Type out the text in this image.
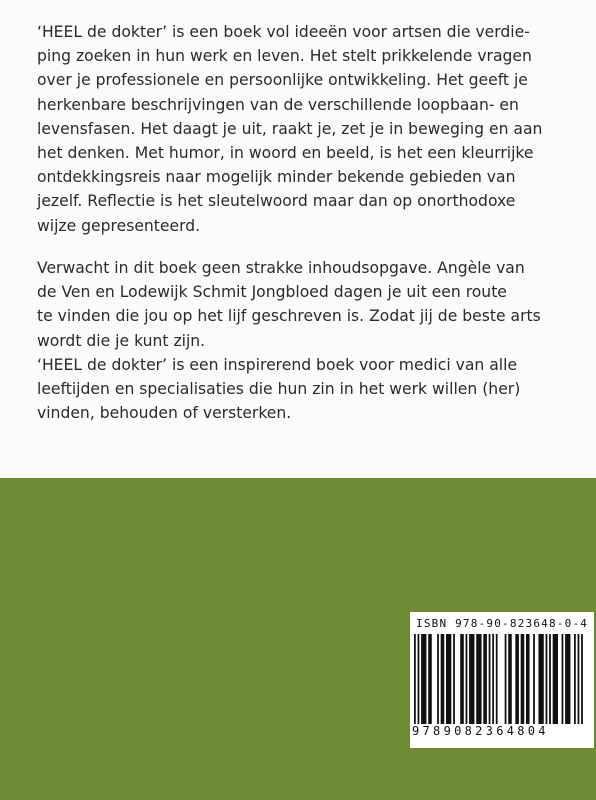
‘HEEL de dokter’ is een boek vol ideeën voor artsen die verdie-
ping zoeken in hun werk en leven. Het stelt prikkelende vragen
over je professionele en persoonlijke ontwikkeling. Het geeft je
herkenbare beschrijvingen van de verschillende loopbaan- en
levensfasen. Het daagt je uit, raakt je, zet je in beweging en aan
het denken. Met humor, in woord en beeld, is het een kleurrijke
ontdekkingsreis naar mogelijk minder bekende gebieden van
jezelf. Reflectie is het sleutelwoord maar dan op onorthodoxe
wijze gepresenteerd.

Verwacht in dit boek geen strakke inhoudsopgave. Angèle van
de Ven en Lodewijk Schmit Jongbloed dagen je uit een route
te vinden die jou op het lijf geschreven is. Zodat jij de beste arts
wordt die je kunt zijn.

‘HEEL de dokter’ is een inspirerend boek voor medici van alle
leeftijden en specialisaties die hun zin in het werk willen (her)
vinden, behouden of versterken.

ISBN 978-90-823648-0-4
9789082364804
